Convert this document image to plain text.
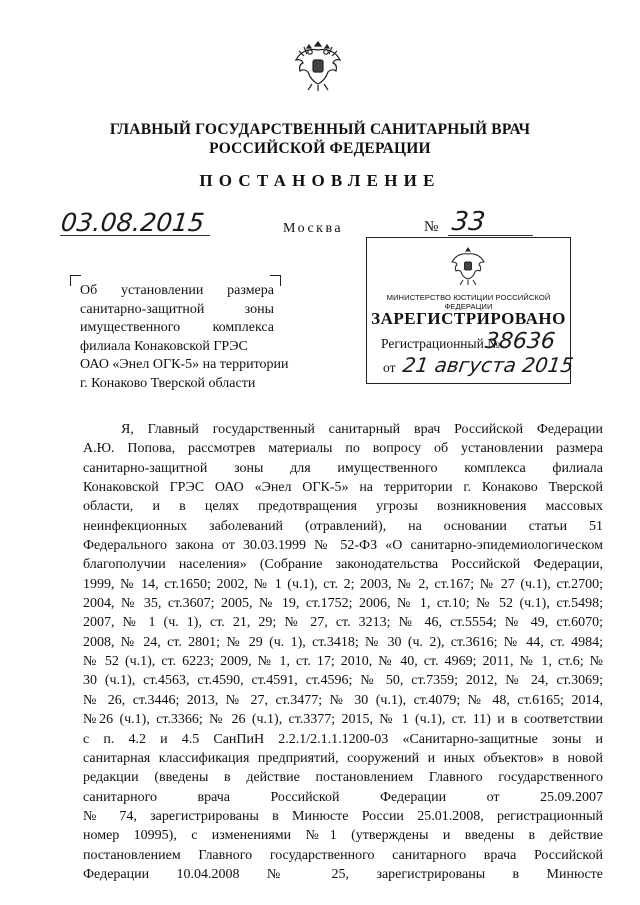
ГЛАВНЫЙ ГОСУДАРСТВЕННЫЙ САНИТАРНЫЙ ВРАЧ
РОССИЙСКОЙ ФЕДЕРАЦИИ
ПОСТАНОВЛЕНИЕ
03.08.2015	Москва	№ 33
Об установлении размера
санитарно-защитной зоны
имущественного комплекса
филиала Конаковской ГРЭС
ОАО «Энел ОГК-5» на территории
г. Конаково Тверской области
МИНИСТЕРСТВО ЮСТИЦИИ РОССИЙСКОЙ ФЕДЕРАЦИИ
ЗАРЕГИСТРИРОВАНО
Регистрационный №
38636
от 21 августа 2015
Я, Главный государственный санитарный врач Российской Федерации
А.Ю. Попова, рассмотрев материалы по вопросу об установлении размера
санитарно-защитной зоны для имущественного комплекса филиала
Конаковской ГРЭС ОАО «Энел ОГК-5» на территории г. Конаково Тверской
области, и в целях предотвращения угрозы возникновения массовых
неинфекционных заболеваний (отравлений), на основании статьи 51
Федерального закона от 30.03.1999 № 52-ФЗ «О санитарно-эпидемиологическом
благополучии населения» (Собрание законодательства Российской Федерации,
1999, № 14, ст.1650; 2002, № 1 (ч.1), ст. 2; 2003, № 2, ст.167; № 27 (ч.1), ст.2700;
2004, № 35, ст.3607; 2005, № 19, ст.1752; 2006, № 1, ст.10; № 52 (ч.1), ст.5498;
2007, № 1 (ч. 1), ст. 21, 29; № 27, ст. 3213; № 46, ст.5554; № 49, ст.6070;
2008, № 24, ст. 2801; № 29 (ч. 1), ст.3418; № 30 (ч. 2), ст.3616; № 44, ст. 4984;
№ 52 (ч.1), ст. 6223; 2009, № 1, ст. 17; 2010, № 40, ст. 4969; 2011, № 1, ст.6; №
30 (ч.1), ст.4563, ст.4590, ст.4591, ст.4596; № 50, ст.7359; 2012, № 24, ст.3069;
№ 26, ст.3446; 2013, № 27, ст.3477; № 30 (ч.1), ст.4079; № 48, ст.6165; 2014,
№26 (ч.1), ст.3366; № 26 (ч.1), ст.3377; 2015, № 1 (ч.1), ст. 11) и в соответствии
с п. 4.2 и 4.5 СанПиН 2.2.1/2.1.1.1200-03 «Санитарно-защитные зоны и
санитарная классификация предприятий, сооружений и иных объектов» в новой
редакции (введены в действие постановлением Главного государственного
санитарного врача Российской Федерации от 25.09.2007
№ 74, зарегистрированы в Минюсте России 25.01.2008, регистрационный
номер 10995), с изменениями №1 (утверждены и введены в действие
постановлением Главного государственного санитарного врача Российской
Федерации 10.04.2008 № 25, зарегистрированы в Минюсте
